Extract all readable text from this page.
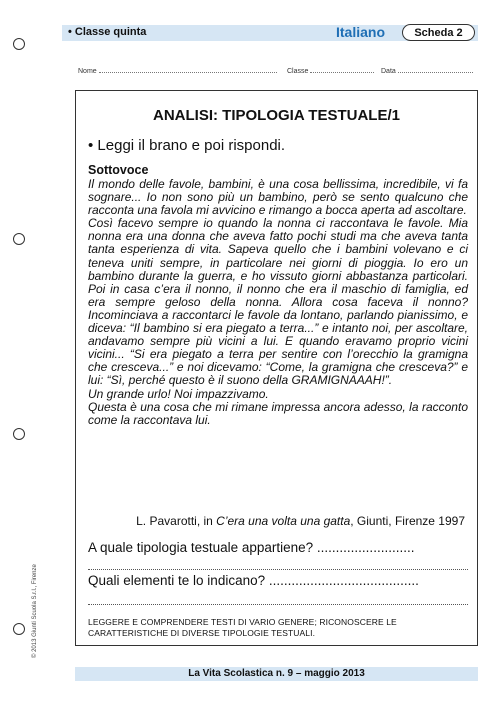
• Classe quinta	Italiano	Scheda 2
Nome	Classe	Data
ANALISI: TIPOLOGIA TESTUALE/1
• Leggi il brano e poi rispondi.
Sottovoce

Il mondo delle favole, bambini, è una cosa bellissima, incredibile, vi fa sognare... Io non sono più un bambino, però se sento qualcuno che racconta una favola mi avvicino e rimango a bocca aperta ad ascoltare.

Così facevo sempre io quando la nonna ci raccontava le favole. Mia nonna era una donna che aveva fatto pochi studi ma che aveva tanta tanta esperienza di vita. Sapeva quello che i bambini volevano e ci teneva uniti sempre, in particolare nei giorni di pioggia. Io ero un bambino durante la guerra, e ho vissuto giorni abbastanza particolari. Poi in casa c’era il nonno, il nonno che era il maschio di famiglia, ed era sempre geloso della nonna. Allora cosa faceva il nonno? Incominciava a raccontarci le favole da lontano, parlando pianissimo, e diceva: “Il bambino si era piegato a terra...” e intanto noi, per ascoltare, andavamo sempre più vicini a lui. E quando eravamo proprio vicini vicini... “Si era piegato a terra per sentire con l’orecchio la gramigna che cresceva...” e noi dicevamo: “Come, la gramigna che cresceva?” e lui: “Sì, perché questo è il suono della GRAMIGNAAAH!”.

Un grande urlo! Noi impazzivamo.

Questa è una cosa che mi rimane impressa ancora adesso, la racconto come la raccontava lui.

L. Pavarotti, in C’era una volta una gatta, Giunti, Firenze 1997
A quale tipologia testuale appartiene? ..........................
Quali elementi te lo indicano? ........................................
LEGGERE E COMPRENDERE TESTI DI VARIO GENERE; RICONOSCERE LE CARATTERISTICHE DI DIVERSE TIPOLOGIE TESTUALI.
© 2013 Giunti Scuola S.r.l., Firenze
La Vita Scolastica n. 9 – maggio 2013
